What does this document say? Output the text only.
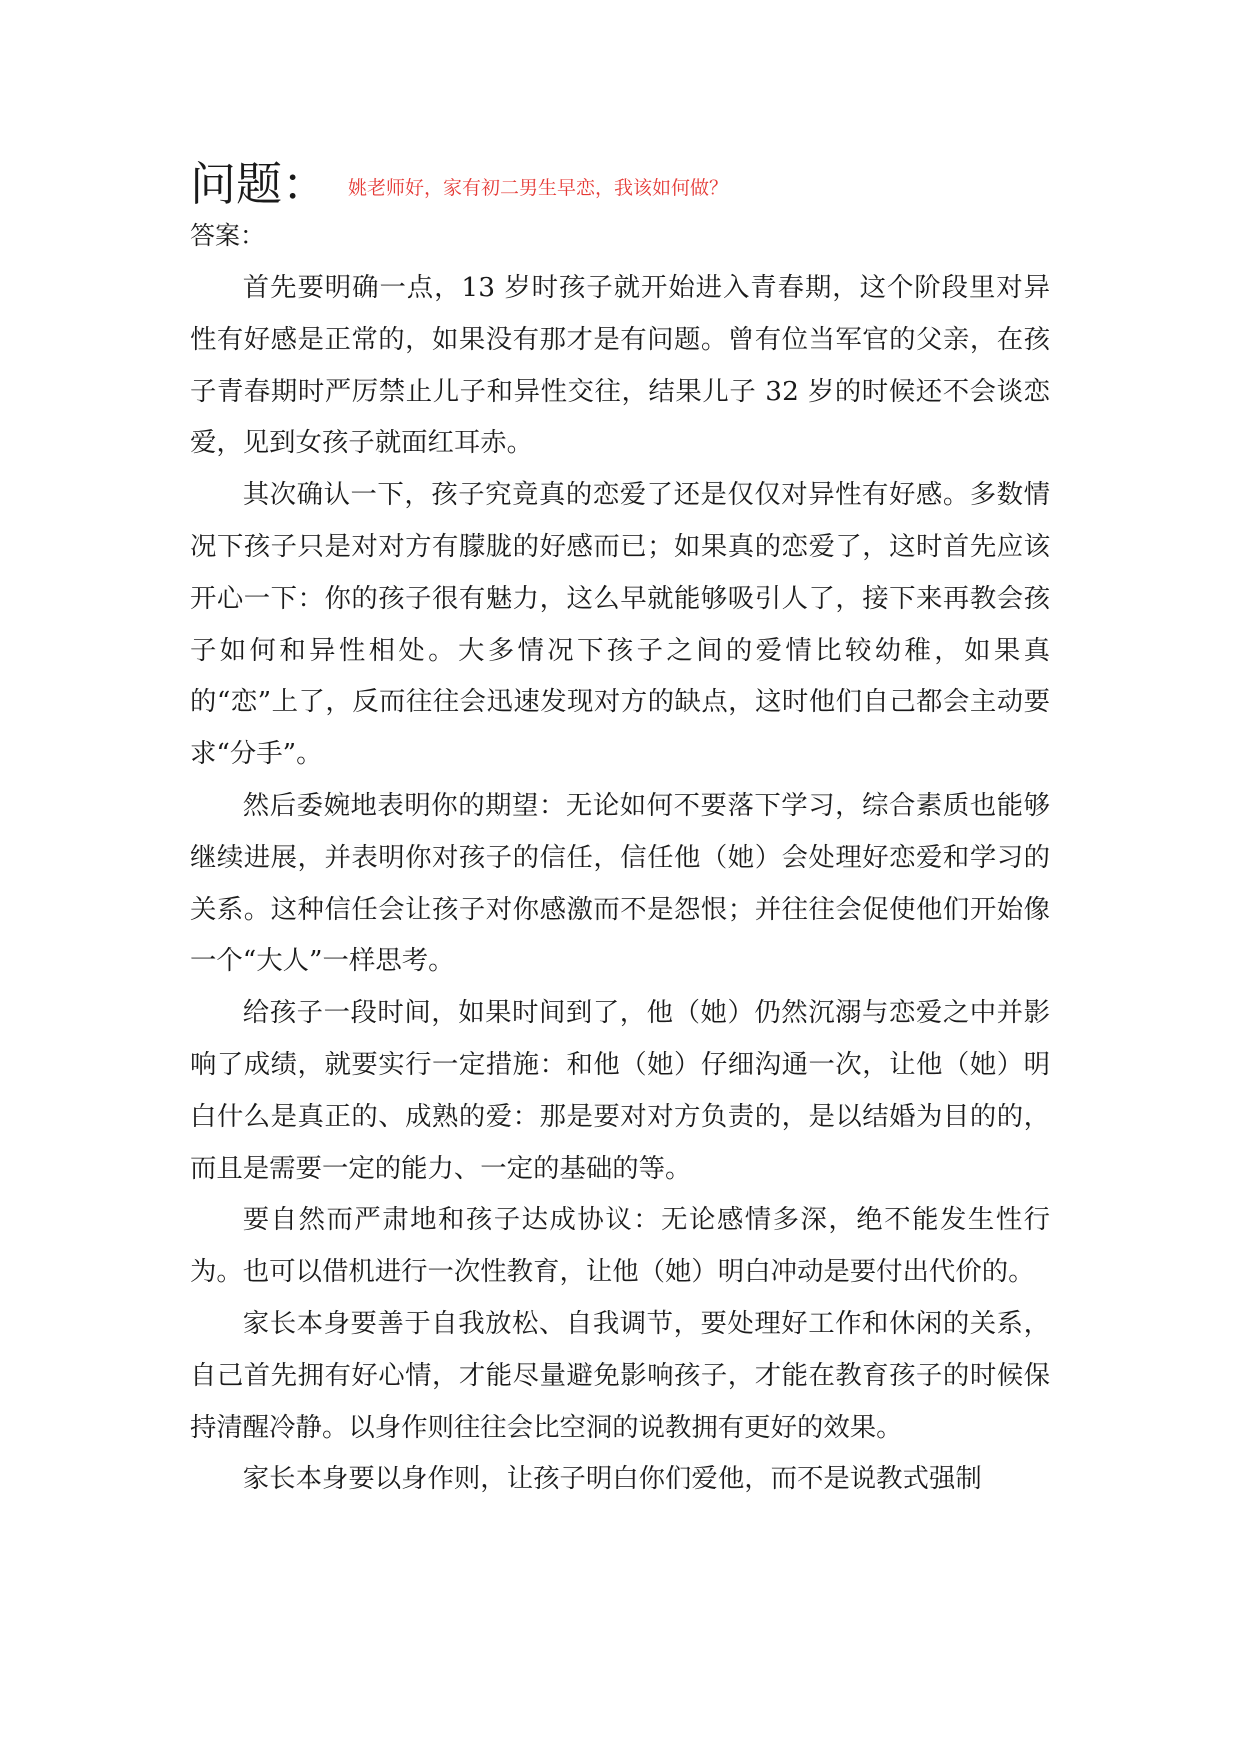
问题： 姚老师好，家有初二男生早恋，我该如何做？
答案：

首先要明确一点，13 岁时孩子就开始进入青春期，这个阶段里对异性有好感是正常的，如果没有那才是有问题。曾有位当军官的父亲，在孩子青春期时严厉禁止儿子和异性交往，结果儿子 32 岁的时候还不会谈恋爱，见到女孩子就面红耳赤。

其次确认一下，孩子究竟真的恋爱了还是仅仅对异性有好感。多数情况下孩子只是对对方有朦胧的好感而已；如果真的恋爱了，这时首先应该开心一下：你的孩子很有魅力，这么早就能够吸引人了，接下来再教会孩子如何和异性相处。大多情况下孩子之间的爱情比较幼稚，如果真的“恋”上了，反而往往会迅速发现对方的缺点，这时他们自己都会主动要求“分手”。

然后委婉地表明你的期望：无论如何不要落下学习，综合素质也能够继续进展，并表明你对孩子的信任，信任他（她）会处理好恋爱和学习的关系。这种信任会让孩子对你感激而不是怨恨；并往往会促使他们开始像一个“大人”一样思考。

给孩子一段时间，如果时间到了，他（她）仍然沉溺与恋爱之中并影响了成绩，就要实行一定措施：和他（她）仔细沟通一次，让他（她）明白什么是真正的、成熟的爱：那是要对对方负责的，是以结婚为目的的，而且是需要一定的能力、一定的基础的等。

要自然而严肃地和孩子达成协议：无论感情多深，绝不能发生性行为。也可以借机进行一次性教育，让他（她）明白冲动是要付出代价的。

家长本身要善于自我放松、自我调节，要处理好工作和休闲的关系，自己首先拥有好心情，才能尽量避免影响孩子，才能在教育孩子的时候保持清醒冷静。以身作则往往会比空洞的说教拥有更好的效果。

家长本身要以身作则，让孩子明白你们爱他，而不是说教式强制
